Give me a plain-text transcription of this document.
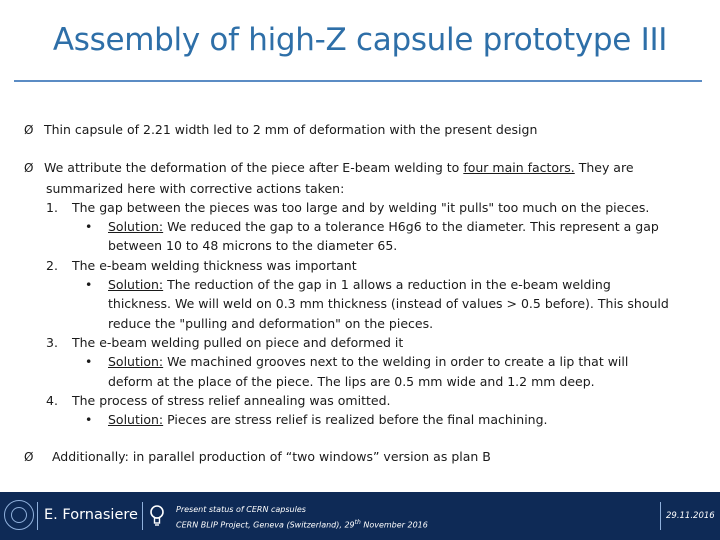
Assembly of high-Z capsule prototype III
Ø Thin capsule of 2.21 width led to 2 mm of deformation with the present design
Ø We attribute the deformation of the piece after E-beam welding to four main factors. They are
summarized here with corrective actions taken:
1. The gap between the pieces was too large and by welding "it pulls" too much on the pieces.
• Solution: We reduced the gap to a tolerance H6g6 to the diameter. This represent a gap
between 10 to 48 microns to the diameter 65.
2. The e-beam welding thickness was important
• Solution: The reduction of the gap in 1 allows a reduction in the e-beam welding
thickness. We will weld on 0.3 mm thickness (instead of values > 0.5 before). This should
reduce the "pulling and deformation" on the pieces.
3. The e-beam welding pulled on piece and deformed it
• Solution: We machined grooves next to the welding in order to create a lip that will
deform at the place of the piece. The lips are 0.5 mm wide and 1.2 mm deep.
4. The process of stress relief annealing was omitted.
• Solution: Pieces are stress relief is realized before the final machining.
Ø Additionally: in parallel production of “two windows” version as plan B
E. Fornasiere	Present status of CERN capsules
CERN BLIP Project, Geneva (Switzerland), 29th November 2016
29.11.2016
